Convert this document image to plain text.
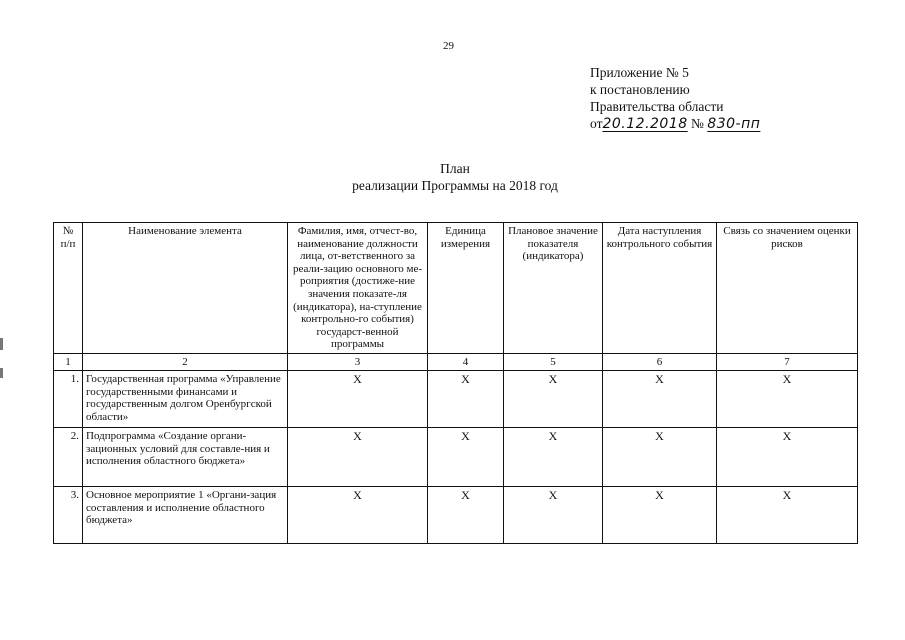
29
Приложение № 5
к постановлению
Правительства области
от20.12.2018 № 830-пп
План
реализации Программы на 2018 год
№ п/п	Наименование элемента	Фамилия, имя, отчест-во, наименование должности лица, от-ветственного за реали-зацию основного ме-роприятия (достиже-ние значения показате-ля (индикатора), на-ступление контрольно-го события) государст-венной программы	Единица измерения	Плановое значение показателя (индикатора)	Дата наступления контрольного события	Связь со значением оценки рисков
1	2	3	4	5	6	7
1.	Государственная программа «Управление государственными финансами и государственным долгом Оренбургской области»	Х	Х	Х	Х	Х
2.	Подпрограмма «Создание органи-зационных условий для составле-ния и исполнения областного бюджета»	Х	Х	Х	Х	Х
3.	Основное мероприятие 1 «Органи-зация составления и исполнение областного бюджета»	Х	Х	Х	Х	Х
